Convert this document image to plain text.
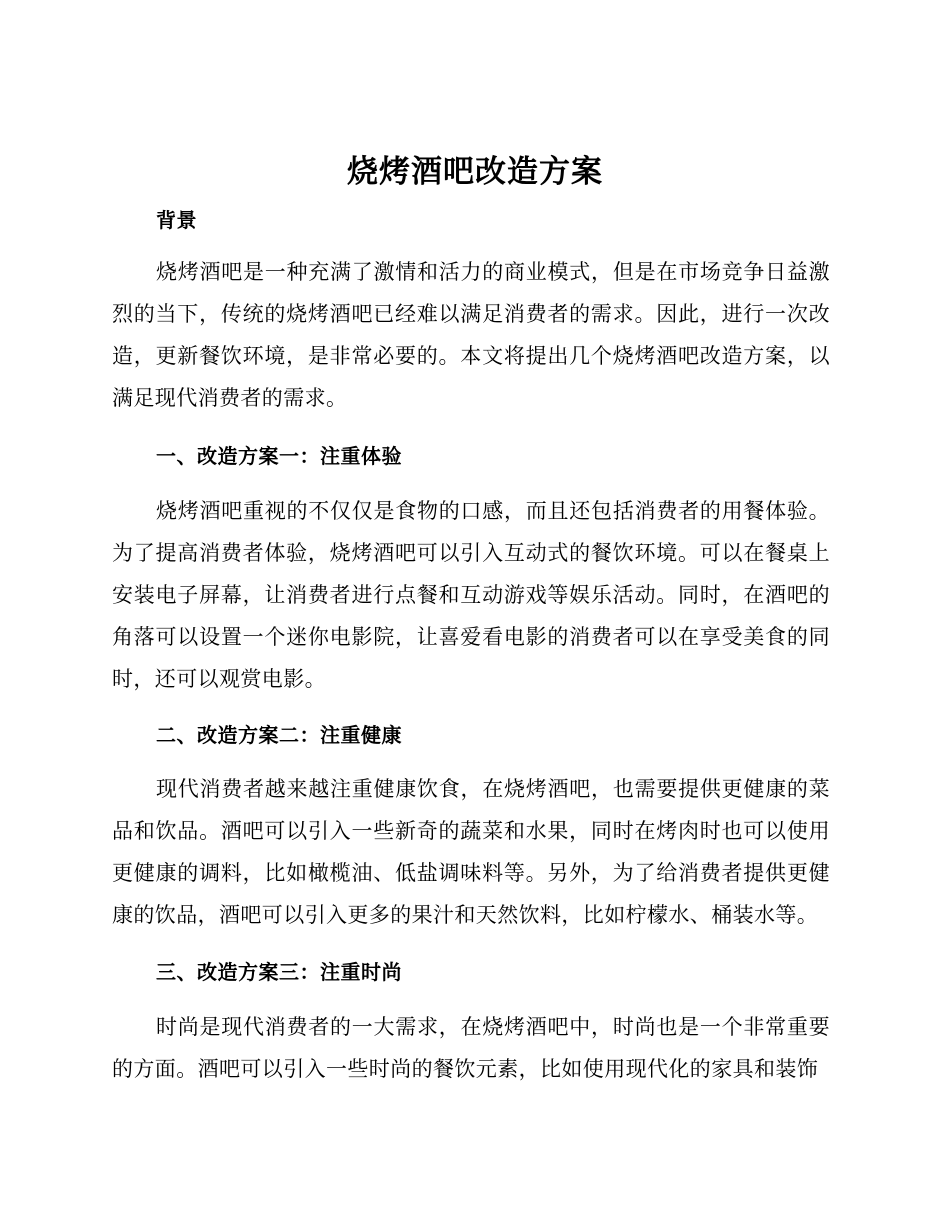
烧烤酒吧改造方案
背景

烧烤酒吧是一种充满了激情和活力的商业模式，但是在市场竞争日益激烈的当下，传统的烧烤酒吧已经难以满足消费者的需求。因此，进行一次改造，更新餐饮环境，是非常必要的。本文将提出几个烧烤酒吧改造方案，以满足现代消费者的需求。

一、改造方案一：注重体验

烧烤酒吧重视的不仅仅是食物的口感，而且还包括消费者的用餐体验。为了提高消费者体验，烧烤酒吧可以引入互动式的餐饮环境。可以在餐桌上安装电子屏幕，让消费者进行点餐和互动游戏等娱乐活动。同时，在酒吧的角落可以设置一个迷你电影院，让喜爱看电影的消费者可以在享受美食的同时，还可以观赏电影。

二、改造方案二：注重健康

现代消费者越来越注重健康饮食，在烧烤酒吧，也需要提供更健康的菜品和饮品。酒吧可以引入一些新奇的蔬菜和水果，同时在烤肉时也可以使用更健康的调料，比如橄榄油、低盐调味料等。另外，为了给消费者提供更健康的饮品，酒吧可以引入更多的果汁和天然饮料，比如柠檬水、桶装水等。

三、改造方案三：注重时尚

时尚是现代消费者的一大需求，在烧烤酒吧中，时尚也是一个非常重要的方面。酒吧可以引入一些时尚的餐饮元素，比如使用现代化的家具和装饰
